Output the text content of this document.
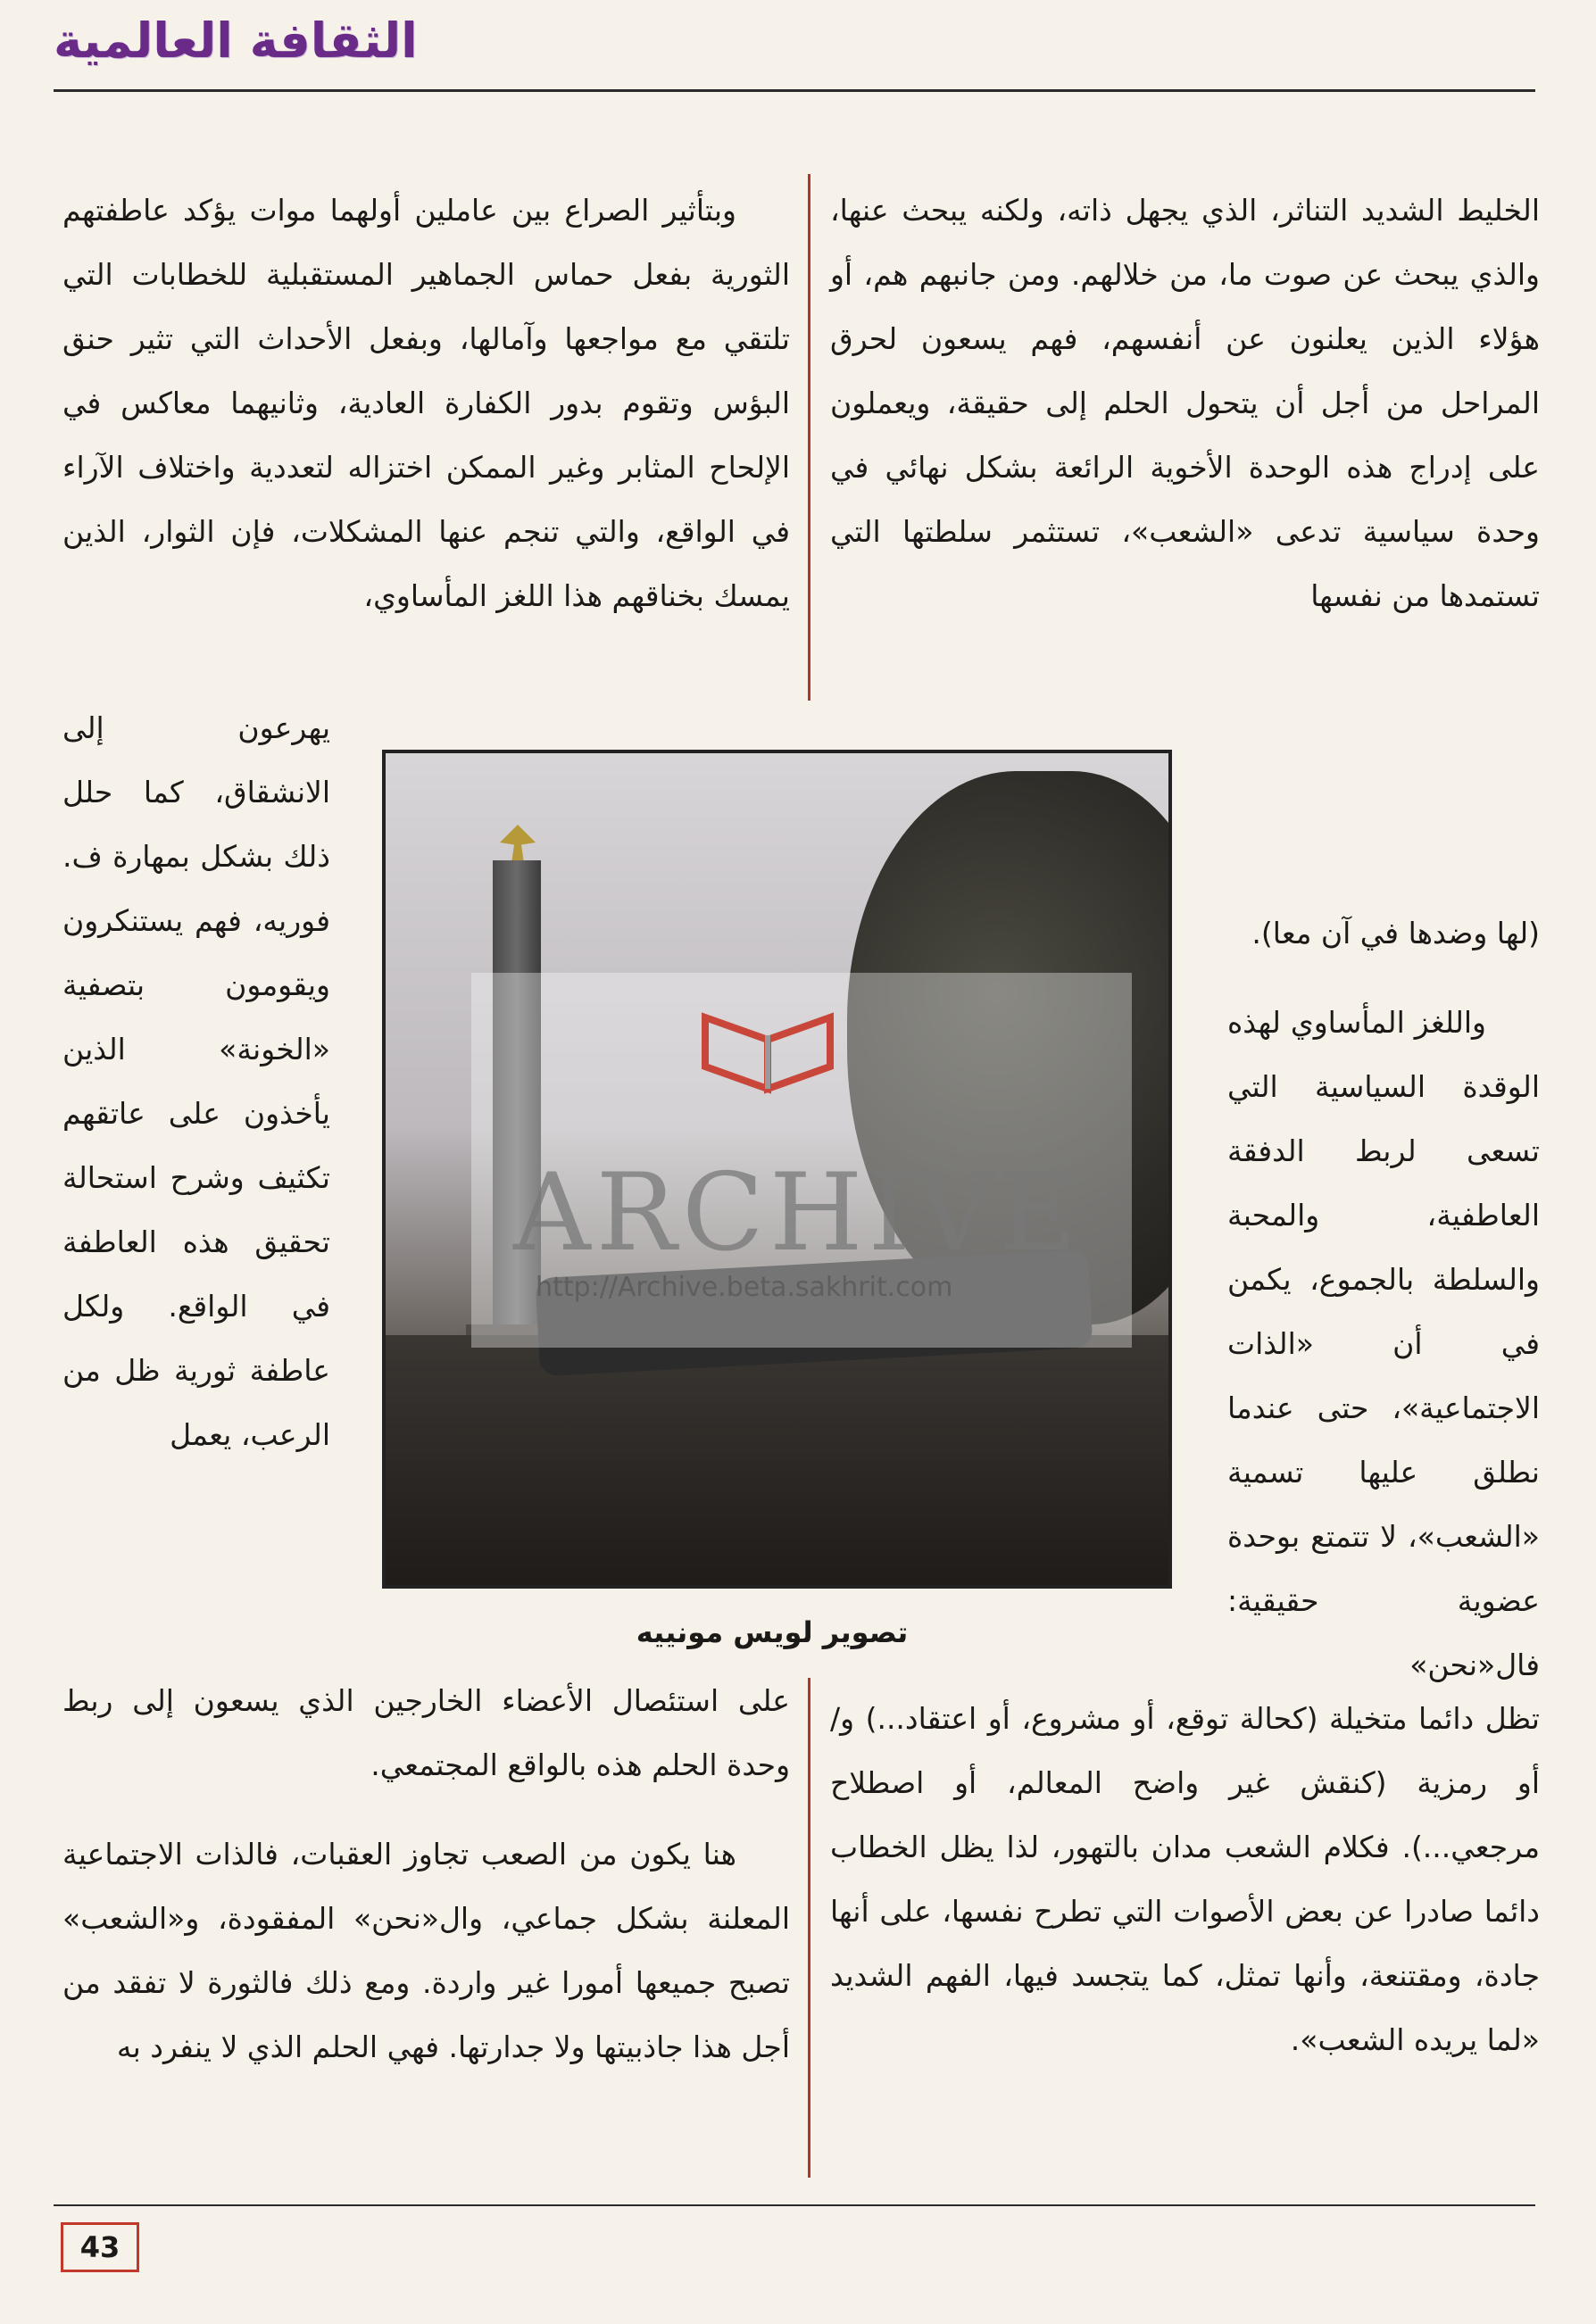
الثقافة العالمية

الخليط الشديد التناثر، الذي يجهل ذاته، ولكنه يبحث عنها، والذي يبحث عن صوت ما، من خلالهم. ومن جانبهم هم، أو هؤلاء الذين يعلنون عن أنفسهم، فهم يسعون لحرق المراحل من أجل أن يتحول الحلم إلى حقيقة، ويعملون على إدراج هذه الوحدة الأخوية الرائعة بشكل نهائي في وحدة سياسية تدعى «الشعب»، تستثمر سلطتها التي تستمدها من نفسها

(لها وضدها في آن معا).

واللغز المأساوي لهذه الوقدة السياسية التي تسعى لربط الدفقة العاطفية، والمحبة والسلطة بالجموع، يكمن في أن «الذات الاجتماعية»، حتى عندما نطلق عليها تسمية «الشعب»، لا تتمتع بوحدة عضوية حقيقية: فال«نحن»

تظل دائما متخيلة (كحالة توقع، أو مشروع، أو اعتقاد...) و/أو رمزية (كنقش غير واضح المعالم، أو اصطلاح مرجعي...). فكلام الشعب مدان بالتهور، لذا يظل الخطاب دائما صادرا عن بعض الأصوات التي تطرح نفسها، على أنها جادة، ومقتنعة، وأنها تمثل، كما يتجسد فيها، الفهم الشديد «لما يريده الشعب».

وبتأثير الصراع بين عاملين أولهما موات يؤكد عاطفتهم الثورية بفعل حماس الجماهير المستقبلية للخطابات التي تلتقي مع مواجعها وآمالها، وبفعل الأحداث التي تثير حنق البؤس وتقوم بدور الكفارة العادية، وثانيهما معاكس في الإلحاح المثابر وغير الممكن اختزاله لتعددية واختلاف الآراء في الواقع، والتي تنجم عنها المشكلات، فإن الثوار، الذين يمسك بخناقهم هذا اللغز المأساوي،

يهرعون إلى الانشقاق، كما حلل ذلك بشكل بمهارة ف. فوريه، فهم يستنكرون ويقومون بتصفية «الخونة» الذين يأخذون على عاتقهم تكثيف وشرح استحالة تحقيق هذه العاطفة في الواقع. ولكل عاطفة ثورية ظل من الرعب، يعمل

على استئصال الأعضاء الخارجين الذي يسعون إلى ربط وحدة الحلم هذه بالواقع المجتمعي.

هنا يكون من الصعب تجاوز العقبات، فالذات الاجتماعية المعلنة بشكل جماعي، وال«نحن» المفقودة، و«الشعب» تصبح جميعها أمورا غير واردة. ومع ذلك فالثورة لا تفقد من أجل هذا جاذبيتها ولا جدارتها. فهي الحلم الذي لا ينفرد به

ARCHIVE
http://Archive.beta.sakhrit.com
تصوير لويس مونييه
43
